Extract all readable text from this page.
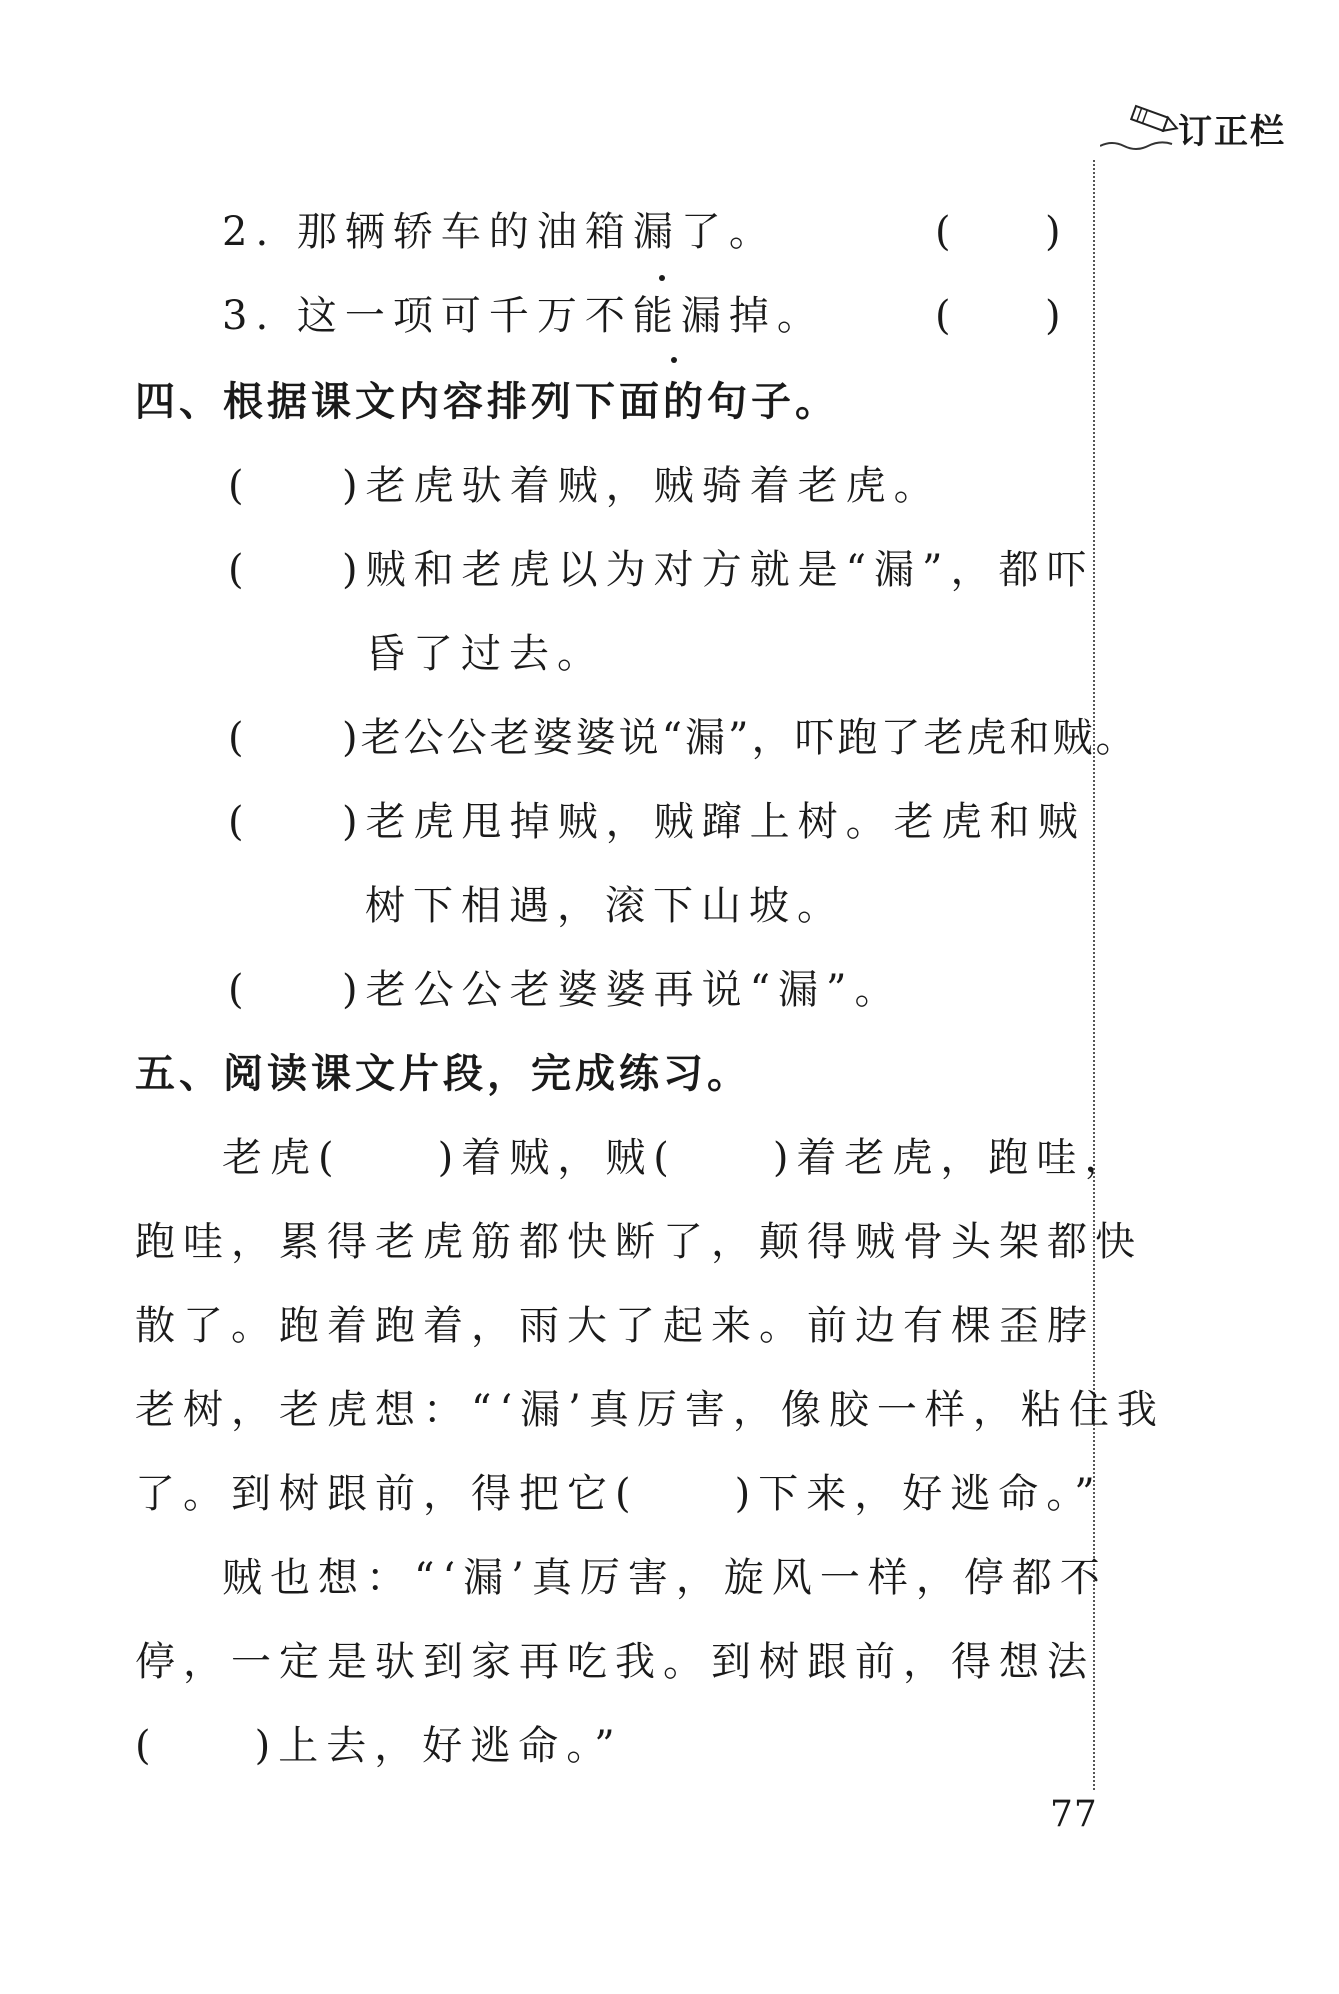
订正栏
2. 那辆轿车的油箱漏了。	( )
3. 这一项可千万不能漏掉。	( )
四、根据课文内容排列下面的句子。
( )老虎驮着贼，贼骑着老虎。
( )贼和老虎以为对方就是“漏”，都吓
昏了过去。
( )老公公老婆婆说“漏”，吓跑了老虎和贼。
( )老虎甩掉贼，贼蹿上树。老虎和贼
树下相遇，滚下山坡。
( )老公公老婆婆再说“漏”。
五、阅读课文片段，完成练习。
老虎(　　)着贼，贼(　　)着老虎，跑哇，
跑哇，累得老虎筋都快断了，颠得贼骨头架都快
散了。跑着跑着，雨大了起来。前边有棵歪脖
老树，老虎想：“‘漏’真厉害，像胶一样，粘住我
了。到树跟前，得把它(　　)下来，好逃命。”
贼也想：“‘漏’真厉害，旋风一样，停都不
停，一定是驮到家再吃我。到树跟前，得想法
(　　)上去，好逃命。”
77
